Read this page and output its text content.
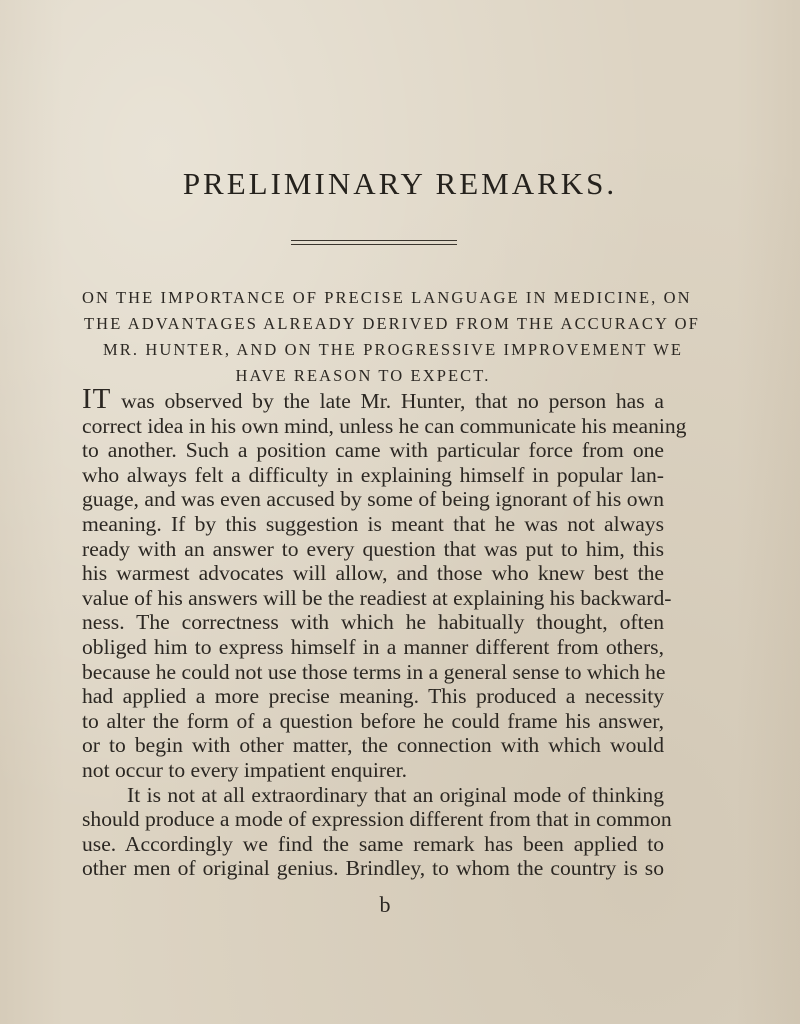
PRELIMINARY REMARKS.
ON THE IMPORTANCE OF PRECISE LANGUAGE IN MEDICINE, ON
THE ADVANTAGES ALREADY DERIVED FROM THE ACCURACY OF
MR. HUNTER, AND ON THE PROGRESSIVE IMPROVEMENT WE
HAVE REASON TO EXPECT.
IT was observed by the late Mr. Hunter, that no person has a
correct idea in his own mind, unless he can communicate his meaning
to another. Such a position came with particular force from one
who always felt a difficulty in explaining himself in popular lan-
guage, and was even accused by some of being ignorant of his own
meaning. If by this suggestion is meant that he was not always
ready with an answer to every question that was put to him, this
his warmest advocates will allow, and those who knew best the
value of his answers will be the readiest at explaining his backward-
ness. The correctness with which he habitually thought, often
obliged him to express himself in a manner different from others,
because he could not use those terms in a general sense to which he
had applied a more precise meaning. This produced a necessity
to alter the form of a question before he could frame his answer,
or to begin with other matter, the connection with which would
not occur to every impatient enquirer.
It is not at all extraordinary that an original mode of thinking
should produce a mode of expression different from that in common
use. Accordingly we find the same remark has been applied to
other men of original genius. Brindley, to whom the country is so
b
